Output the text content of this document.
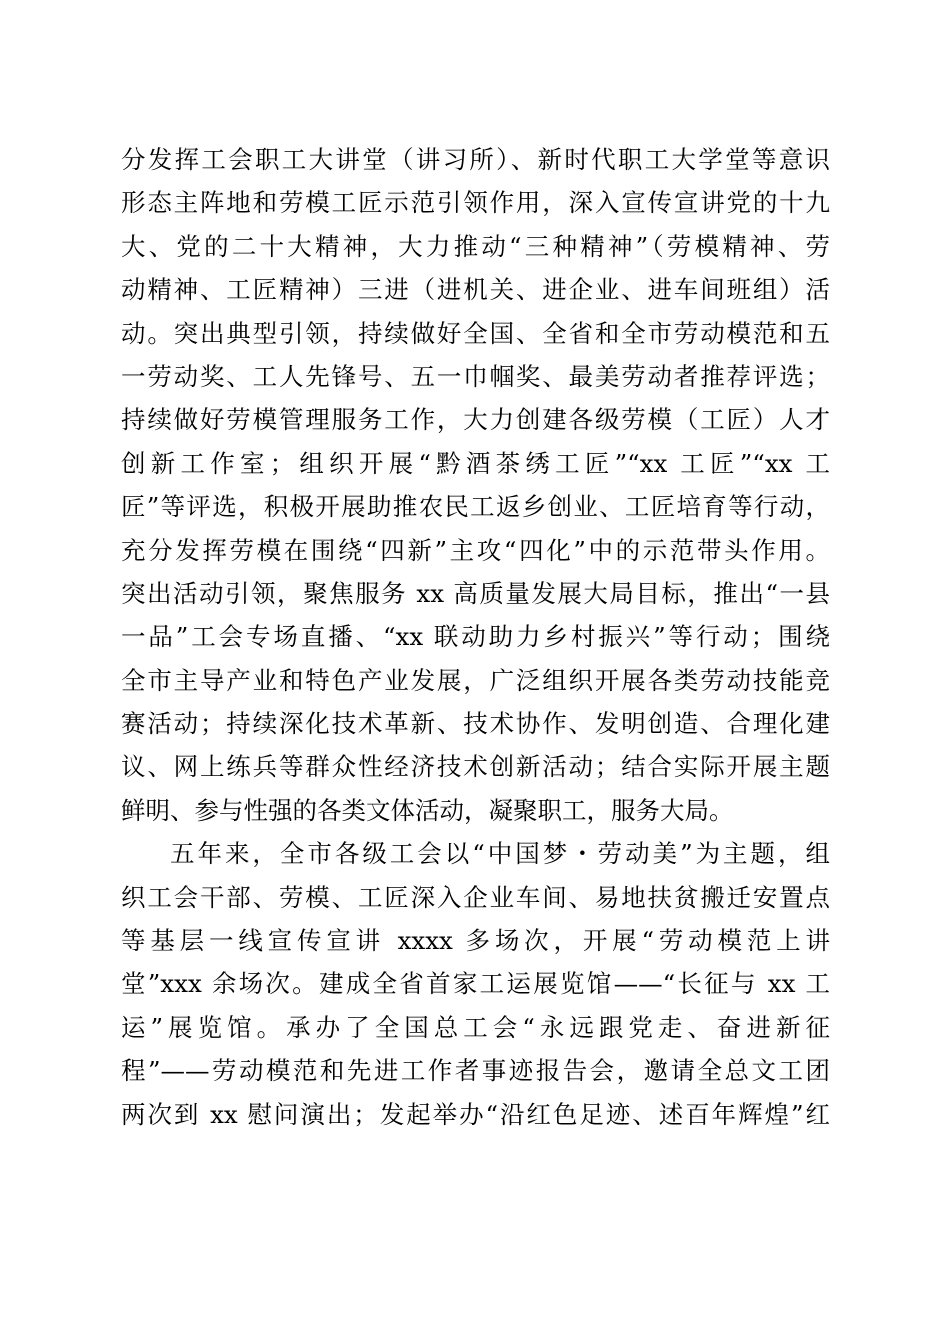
分发挥工会职工大讲堂（讲习所）、新时代职工大学堂等意识
形态主阵地和劳模工匠示范引领作用，深入宣传宣讲党的十九
大、党的二十大精神，大力推动“三种精神”（劳模精神、劳
动精神、工匠精神）三进（进机关、进企业、进车间班组）活
动。突出典型引领，持续做好全国、全省和全市劳动模范和五
一劳动奖、工人先锋号、五一巾帼奖、最美劳动者推荐评选；
持续做好劳模管理服务工作，大力创建各级劳模（工匠）人才
创新工作室；组织开展“黔酒茶绣工匠”“xx 工匠”“xx 工
匠”等评选，积极开展助推农民工返乡创业、工匠培育等行动，
充分发挥劳模在围绕“四新”主攻“四化”中的示范带头作用。
突出活动引领，聚焦服务 xx 高质量发展大局目标，推出“一县
一品”工会专场直播、“xx 联动助力乡村振兴”等行动；围绕
全市主导产业和特色产业发展，广泛组织开展各类劳动技能竞
赛活动；持续深化技术革新、技术协作、发明创造、合理化建
议、网上练兵等群众性经济技术创新活动；结合实际开展主题
鲜明、参与性强的各类文体活动，凝聚职工，服务大局。
五年来，全市各级工会以“中国梦・劳动美”为主题，组
织工会干部、劳模、工匠深入企业车间、易地扶贫搬迁安置点
等基层一线宣传宣讲 xxxx 多场次，开展“劳动模范上讲
堂”xxx 余场次。建成全省首家工运展览馆——“长征与 xx 工
运”展览馆。承办了全国总工会“永远跟党走、奋进新征
程”——劳动模范和先进工作者事迹报告会，邀请全总文工团
两次到 xx 慰问演出；发起举办“沿红色足迹、述百年辉煌”红
